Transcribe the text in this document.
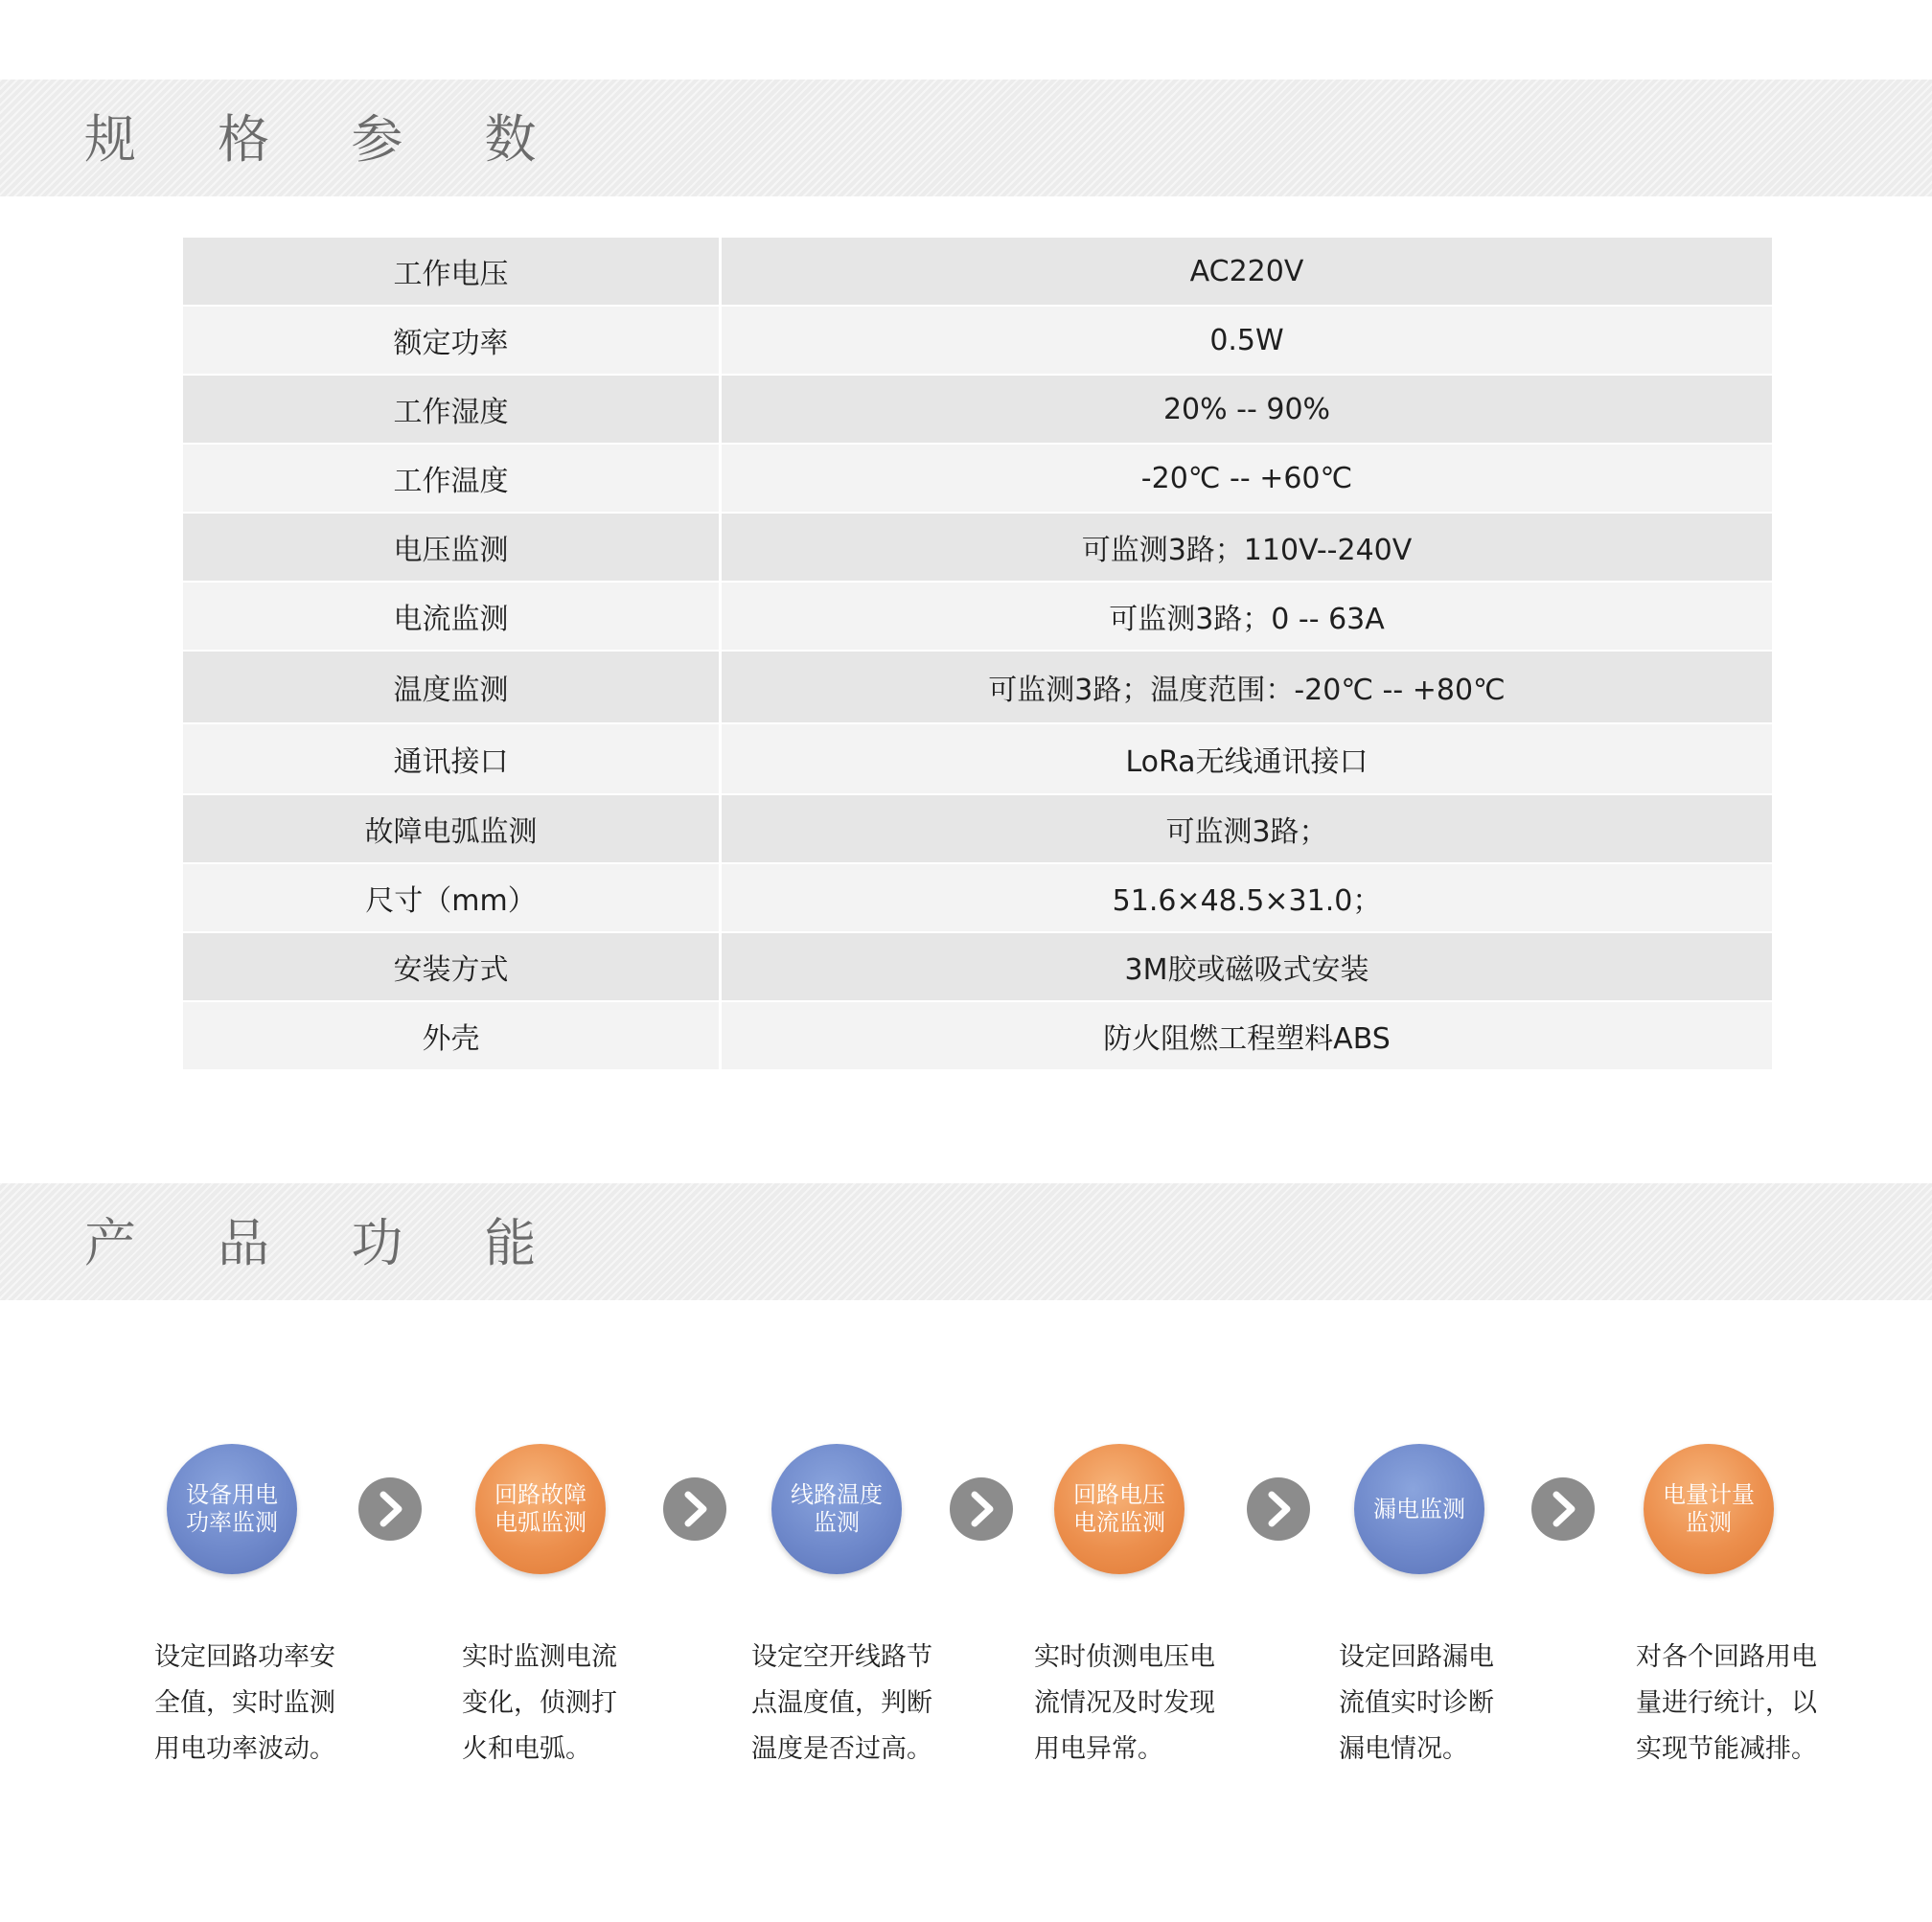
规 格 参 数
工作电压	AC220V
额定功率	0.5W
工作湿度	20% -- 90%
工作温度	-20℃ -- +60℃
电压监测	可监测3路；110V--240V
电流监测	可监测3路；0 -- 63A
温度监测	可监测3路；温度范围：-20℃ -- +80℃
通讯接口	LoRa无线通讯接口
故障电弧监测	可监测3路；
尺寸（mm）	51.6×48.5×31.0；
安装方式	3M胶或磁吸式安装
外壳	防火阻燃工程塑料ABS
产 品 功 能
设备用电功率监测
设定回路功率安
全值，实时监测
用电功率波动。
回路故障电弧监测
实时监测电流
变化，侦测打
火和电弧。
线路温度监测
设定空开线路节
点温度值，判断
温度是否过高。
回路电压电流监测
实时侦测电压电
流情况及时发现
用电异常。
漏电监测
设定回路漏电
流值实时诊断
漏电情况。
电量计量监测
对各个回路用电
量进行统计，以
实现节能减排。
